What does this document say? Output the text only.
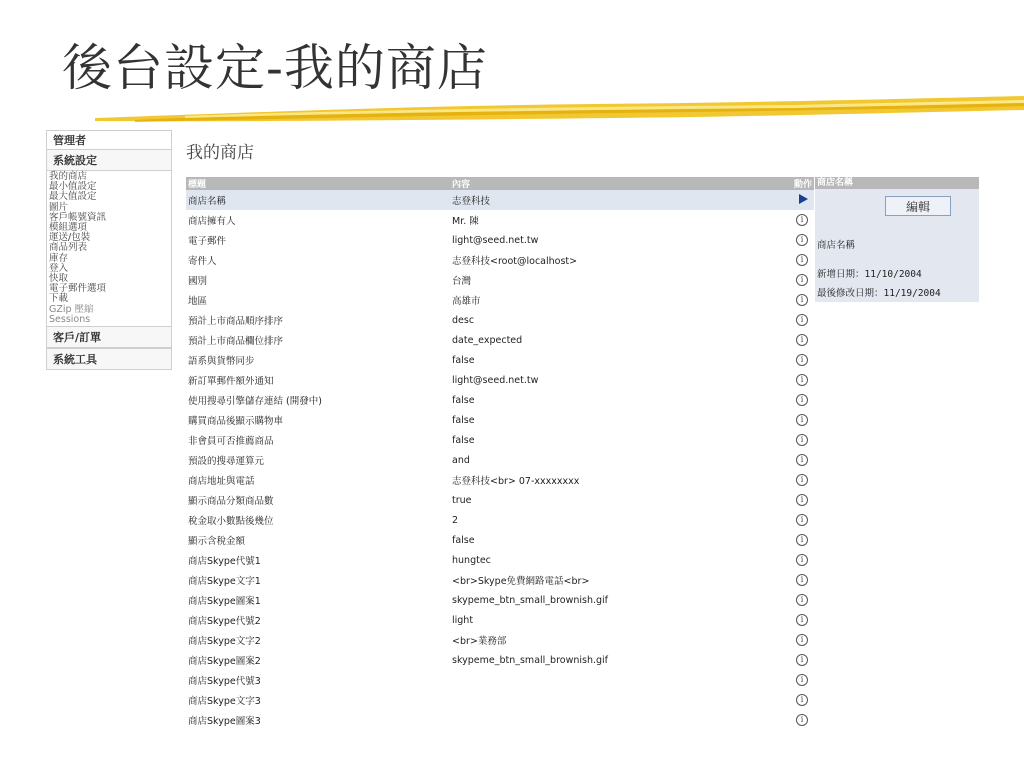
後台設定-我的商店
管理者
系統設定
我的商店
最小值設定
最大值設定
圖片
客戶帳號資訊
模組選項
運送/包裝
商品列表
庫存
登入
快取
電子郵件選項
下載
GZip 壓縮
Sessions
客戶/訂單
系統工具
我的商店
標題	內容	動作
商店名稱	志登科技	
商店擁有人	Mr. 陳	i
電子郵件	light@seed.net.tw	i
寄件人	志登科技<root@localhost>	i
國別	台灣	i
地區	高雄市	i
預計上市商品順序排序	desc	i
預計上市商品欄位排序	date_expected	i
語系與貨幣同步	false	i
新訂單郵件額外通知	light@seed.net.tw	i
使用搜尋引擎儲存連結 (開發中)	false	i
購買商品後顯示購物車	false	i
非會員可否推薦商品	false	i
預設的搜尋運算元	and	i
商店地址與電話	志登科技<br> 07-xxxxxxxx	i
顯示商品分類商品數	true	i
稅金取小數點後幾位	2	i
顯示含稅金額	false	i
商店Skype代號1	hungtec	i
商店Skype文字1	<br>Skype免費網路電話<br>	i
商店Skype圖案1	skypeme_btn_small_brownish.gif	i
商店Skype代號2	light	i
商店Skype文字2	<br>業務部	i
商店Skype圖案2	skypeme_btn_small_brownish.gif	i
商店Skype代號3		i
商店Skype文字3		i
商店Skype圖案3		i
商店名稱
編輯
商店名稱
新增日期：11/10/2004
最後修改日期：11/19/2004
